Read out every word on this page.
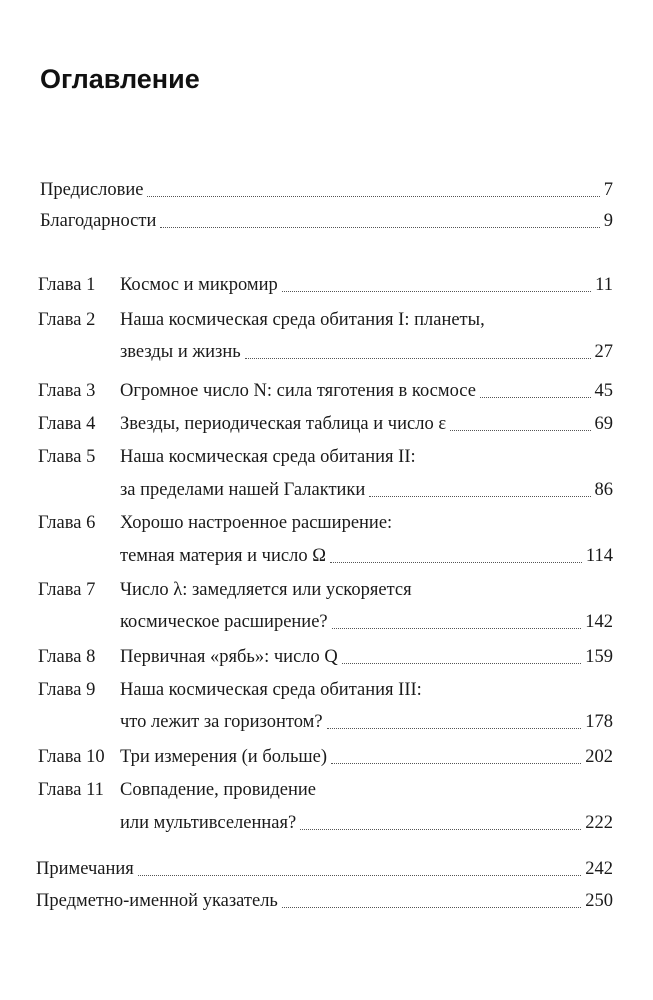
Оглавление
Предисловие	7
Благодарности	9
Глава 1 Космос и микромир	11
Глава 2 Наша космическая среда обитания I: планеты,
звезды и жизнь	27
Глава 3 Огромное число N: сила тяготения в космосе	45
Глава 4 Звезды, периодическая таблица и число ε	69
Глава 5 Наша космическая среда обитания II:
за пределами нашей Галактики	86
Глава 6 Хорошо настроенное расширение:
темная материя и число Ω	114
Глава 7 Число λ: замедляется или ускоряется
космическое расширение?	142
Глава 8 Первичная «рябь»: число Q	159
Глава 9 Наша космическая среда обитания III:
что лежит за горизонтом?	178
Глава 10 Три измерения (и больше)	202
Глава 11 Совпадение, провидение
или мультивселенная?	222
Примечания	242
Предметно-именной указатель	250
